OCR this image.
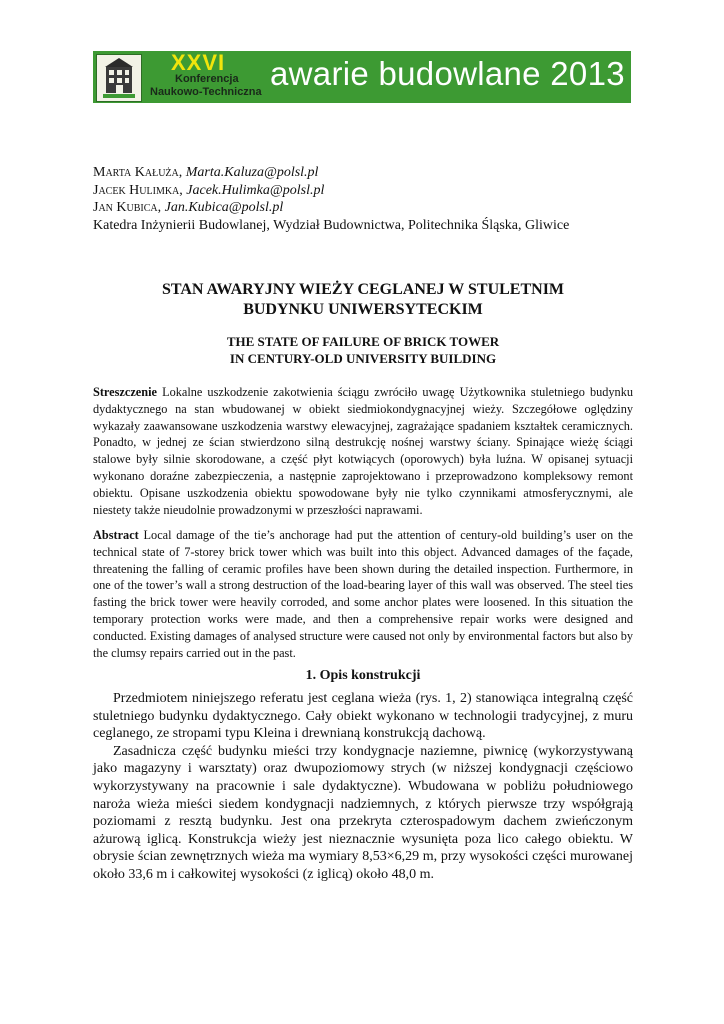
XXVI
Konferencja
Naukowo-Techniczna awarie budowlane 2013
Marta Kałuża, Marta.Kaluza@polsl.pl
Jacek Hulimka, Jacek.Hulimka@polsl.pl
Jan Kubica, Jan.Kubica@polsl.pl
Katedra Inżynierii Budowlanej, Wydział Budownictwa, Politechnika Śląska, Gliwice
STAN AWARYJNY WIEŻY CEGLANEJ W STULETNIM
BUDYNKU UNIWERSYTECKIM
THE STATE OF FAILURE OF BRICK TOWER
IN CENTURY-OLD UNIVERSITY BUILDING
Streszczenie Lokalne uszkodzenie zakotwienia ściągu zwróciło uwagę Użytkownika stuletniego budynku dydaktycznego na stan wbudowanej w obiekt siedmiokondygnacyjnej wieży. Szczegółowe oględziny wykazały zaawansowane uszkodzenia warstwy elewacyjnej, zagrażające spadaniem kształtek ceramicznych. Ponadto, w jednej ze ścian stwierdzono silną destrukcję nośnej warstwy ściany. Spinające wieżę ściągi stalowe były silnie skorodowane, a część płyt kotwiących (oporowych) była luźna. W opisanej sytuacji wykonano doraźne zabezpieczenia, a następnie zaprojektowano i przeprowadzono kompleksowy remont obiektu. Opisane uszkodzenia obiektu spowodowane były nie tylko czynnikami atmosferycznymi, ale niestety także nieudolnie prowadzonymi w przeszłości naprawami.
Abstract Local damage of the tie’s anchorage had put the attention of century-old building’s user on the technical state of 7-storey brick tower which was built into this object. Advanced damages of the façade, threatening the falling of ceramic profiles have been shown during the detailed inspection. Furthermore, in one of the tower’s wall a strong destruction of the load-bearing layer of this wall was observed. The steel ties fasting the brick tower were heavily corroded, and some anchor plates were loosened. In this situation the temporary protection works were made, and then a comprehensive repair works were designed and conducted. Existing damages of analysed structure were caused not only by environmental factors but also by the clumsy repairs carried out in the past.
1. Opis konstrukcji

Przedmiotem niniejszego referatu jest ceglana wieża (rys. 1, 2) stanowiąca integralną część stuletniego budynku dydaktycznego. Cały obiekt wykonano w technologii tradycyjnej, z muru ceglanego, ze stropami typu Kleina i drewnianą konstrukcją dachową.

Zasadnicza część budynku mieści trzy kondygnacje naziemne, piwnicę (wykorzystywaną jako magazyny i warsztaty) oraz dwupoziomowy strych (w niższej kondygnacji częściowo wykorzystywany na pracownie i sale dydaktyczne). Wbudowana w pobliżu południowego naroża wieża mieści siedem kondygnacji nadziemnych, z których pierwsze trzy współgrają poziomami z resztą budynku. Jest ona przekryta czterospadowym dachem zwieńczonym ażurową iglicą. Konstrukcja wieży jest nieznacznie wysunięta poza lico całego obiektu. W obrysie ścian zewnętrznych wieża ma wymiary 8,53×6,29 m, przy wysokości części murowanej około 33,6 m i całkowitej wysokości (z iglicą) około 48,0 m.
